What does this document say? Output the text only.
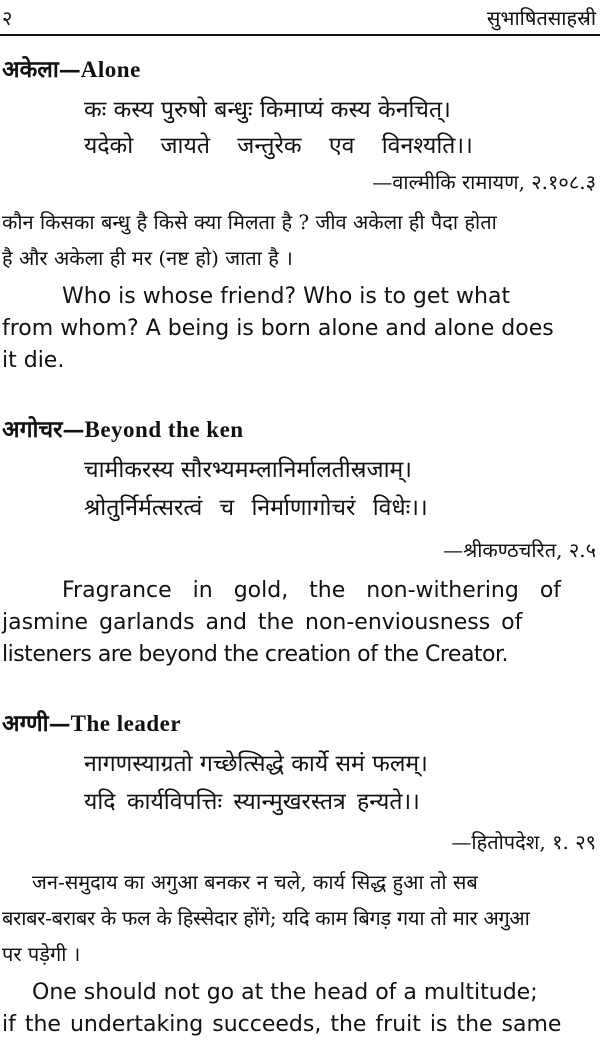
२	सुभाषितसाहस्री
अकेला—Alone
कः कस्य पुरुषो बन्धुः किमाप्यं कस्य केनचित्।
यदेको जायते जन्तुरेक एव विनश्यति।।
—वाल्मीकि रामायण, २.१०८.३
कौन किसका बन्धु है किसे क्या मिलता है ? जीव अकेला ही पैदा होता
है और अकेला ही मर (नष्ट हो) जाता है ।
Who is whose friend? Who is to get what
from whom? A being is born alone and alone does
it die.
अगोचर—Beyond the ken
चामीकरस्य सौरभ्यमम्लानिर्मालतीस्रजाम्।
श्रोतुर्निर्मत्सरत्वं च निर्माणागोचरं विधेः।।
—श्रीकण्ठचरित, २.५
Fragrance in gold, the non-withering of
jasmine garlands and the non-enviousness of
listeners are beyond the creation of the Creator.
अग्णी—The leader
नागणस्याग्रतो गच्छेत्सिद्धे कार्ये समं फलम्।
यदि कार्यविपत्तिः स्यान्मुखरस्तत्र हन्यते।।
—हितोपदेश, १. २९
जन-समुदाय का अगुआ बनकर न चले, कार्य सिद्ध हुआ तो सब
बराबर-बराबर के फल के हिस्सेदार होंगे; यदि काम बिगड़ गया तो मार अगुआ
पर पड़ेगी ।
One should not go at the head of a multitude;
if the undertaking succeeds, the fruit is the same
